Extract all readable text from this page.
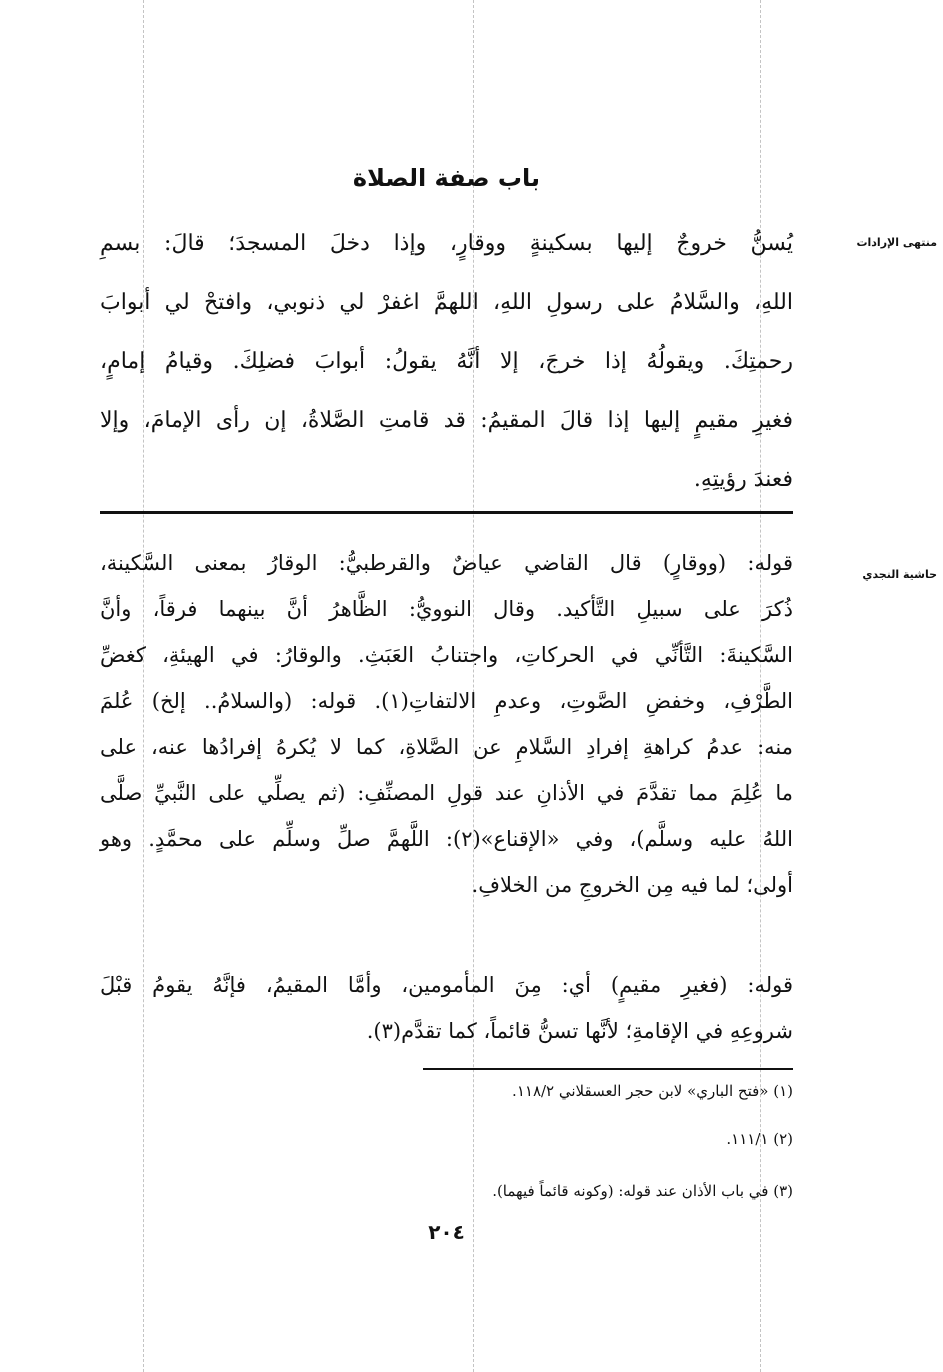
باب صفة الصلاة
منتهى الإرادات
يُسنُّ خروجٌ إليها بسكينةٍ ووقارٍ، وإذا دخلَ المسجدَ؛ قالَ: بسمِ
اللهِ، والسَّلامُ على رسولِ اللهِ، اللهمَّ اغفرْ لي ذنوبي، وافتحْ لي أبوابَ
رحمتِكَ. ويقولُهُ إذا خرجَ، إلا أنَّهُ يقولُ: أبوابَ فضلِكَ. وقيامُ إمامٍ،
فغيرِ مقيمٍ إليها إذا قالَ المقيمُ: قد قامتِ الصَّلاةُ، إن رأى الإمامَ، وإلا
فعندَ رؤيتِهِ.
حاشية النجدي
قوله: (ووقارٍ) قال القاضي عياضٌ والقرطبيُّ: الوقارُ بمعنى السَّكينة،
ذُكرَ على سبيلِ التَّأكيد. وقال النوويُّ: الظَّاهرُ أنَّ بينهما فرقاً، وأنَّ
السَّكينةَ: التَّأنِّي في الحركاتِ، واجتنابُ العَبَثِ. والوقارُ: في الهيئةِ، كغضِّ
الطَّرْفِ، وخفضِ الصَّوتِ، وعدمِ الالتفاتِ(١). قوله: (والسلامُ.. إلخ) عُلمَ
منه: عدمُ كراهةِ إفرادِ السَّلامِ عن الصَّلاةِ، كما لا يُكرهُ إفرادُها عنه، على
ما عُلِمَ مما تقدَّمَ في الأذانِ عند قولِ المصنِّفِ: (ثم يصلِّي على النَّبيِّ صلَّى
اللهُ عليه وسلَّم)، وفي «الإقناع»(٢): اللَّهمَّ صلِّ وسلِّم على محمَّدٍ. وهو
أولى؛ لما فيه مِن الخروجِ من الخلافِ.
قوله: (فغيرِ مقيمٍ) أي: مِنَ المأمومين، وأمَّا المقيمُ، فإنَّهُ يقومُ قبْلَ
شروعِهِ في الإقامةِ؛ لأنَّها تسنُّ قائماً، كما تقدَّم(٣).

(١) «فتح الباري» لابن حجر العسقلاني ١١٨/٢.

(٢) ١١١/١.

(٣) في باب الأذان عند قوله: (وكونه قائماً فيهما).

٢٠٤
